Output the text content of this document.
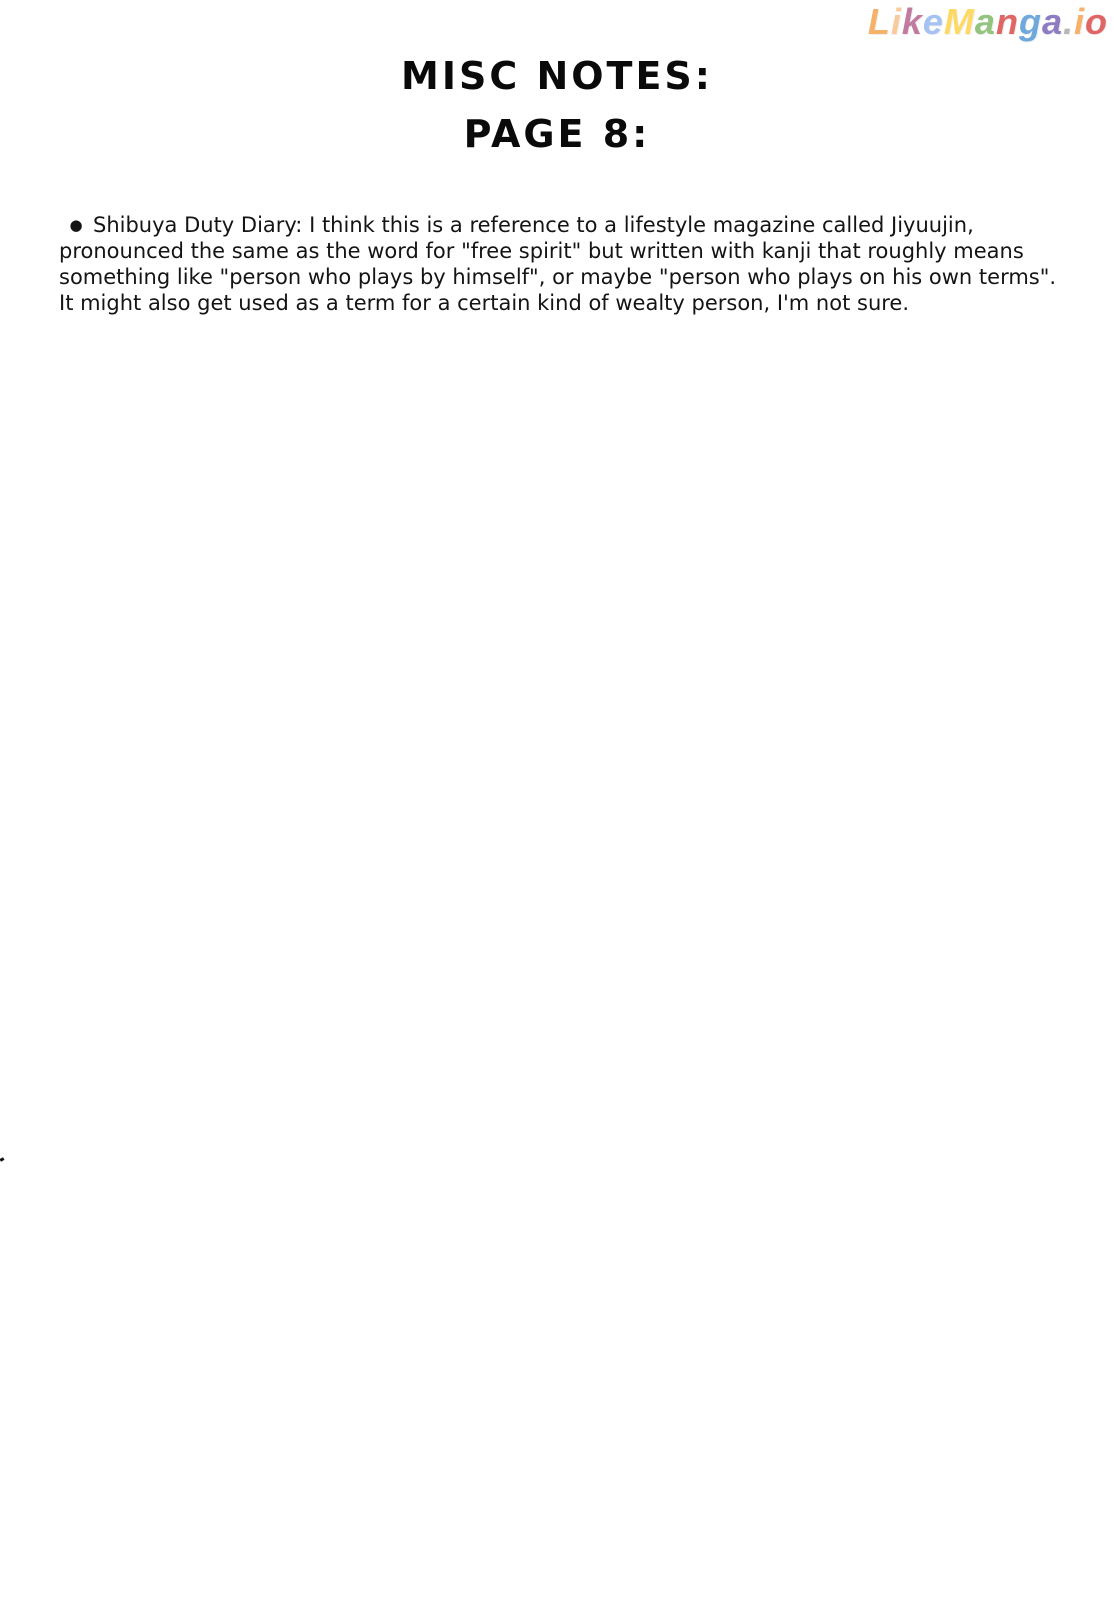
LikeManga.io
MISC NOTES:
PAGE 8:
● Shibuya Duty Diary: I think this is a reference to a lifestyle magazine called Jiyuujin, pronounced the same as the word for "free spirit" but written with kanji that roughly means something like "person who plays by himself", or maybe "person who plays on his own terms". It might also get used as a term for a certain kind of wealty person, I'm not sure.
